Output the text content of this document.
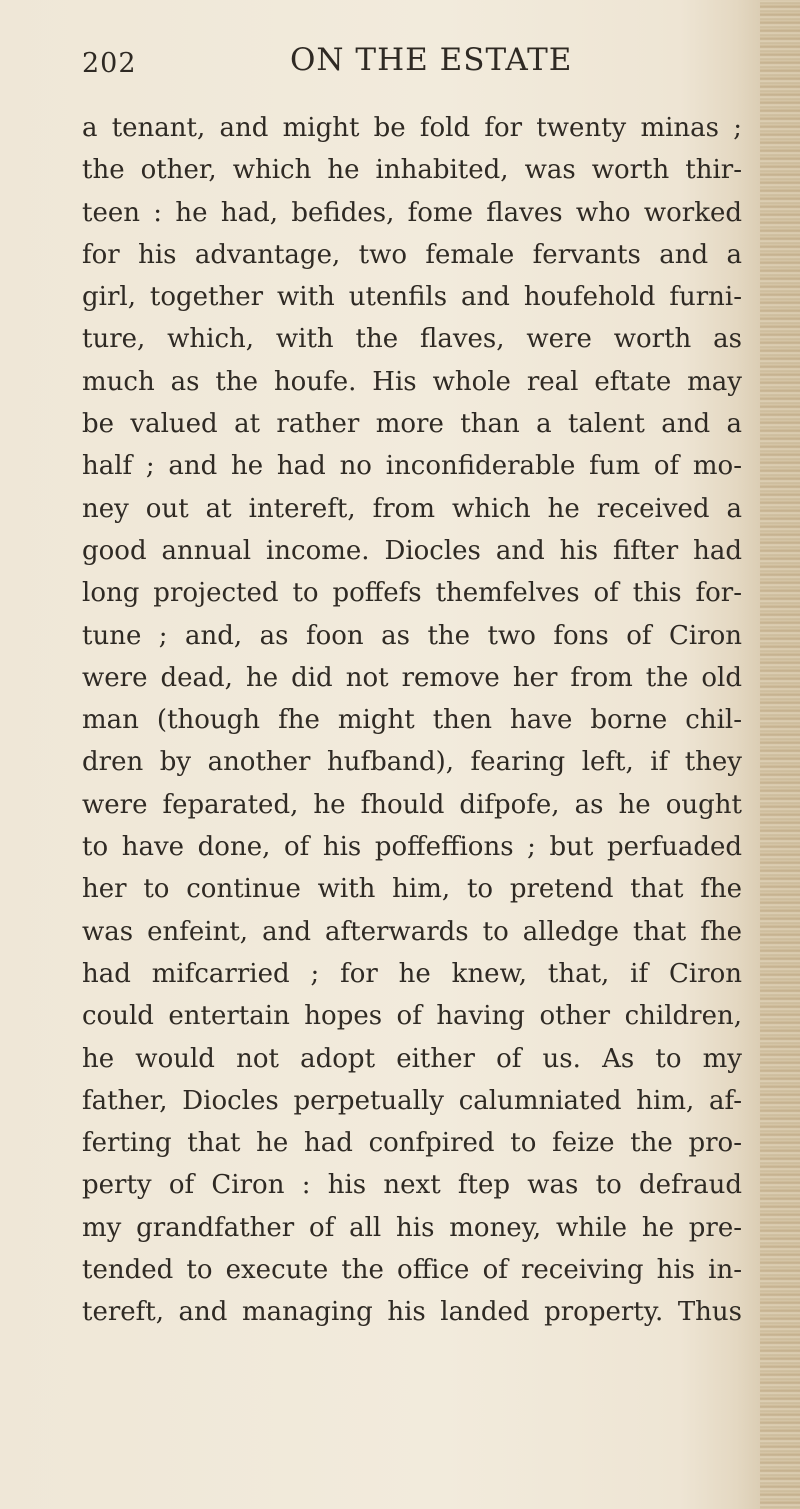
202	ON THE ESTATE
a tenant, and might be fold for twenty minas ;
the other, which he inhabited, was worth thir-
teen : he had, befides, fome flaves who worked
for his advantage, two female fervants and a
girl, together with utenfils and houfehold furni-
ture, which, with the flaves, were worth as
much as the houfe. His whole real eftate may
be valued at rather more than a talent and a
half ; and he had no inconfiderable fum of mo-
ney out at intereft, from which he received a
good annual income. Diocles and his fifter had
long projected to poffefs themfelves of this for-
tune ; and, as foon as the two fons of Ciron
were dead, he did not remove her from the old
man (though fhe might then have borne chil-
dren by another hufband), fearing left, if they
were feparated, he fhould difpofe, as he ought
to have done, of his poffeffions ; but perfuaded
her to continue with him, to pretend that fhe
was enfeint, and afterwards to alledge that fhe
had mifcarried ; for he knew, that, if Ciron
could entertain hopes of having other children,
he would not adopt either of us. As to my
father, Diocles perpetually calumniated him, af-
ferting that he had confpired to feize the pro-
perty of Ciron : his next ftep was to defraud
my grandfather of all his money, while he pre-
tended to execute the office of receiving his in-
tereft, and managing his landed property. Thus
